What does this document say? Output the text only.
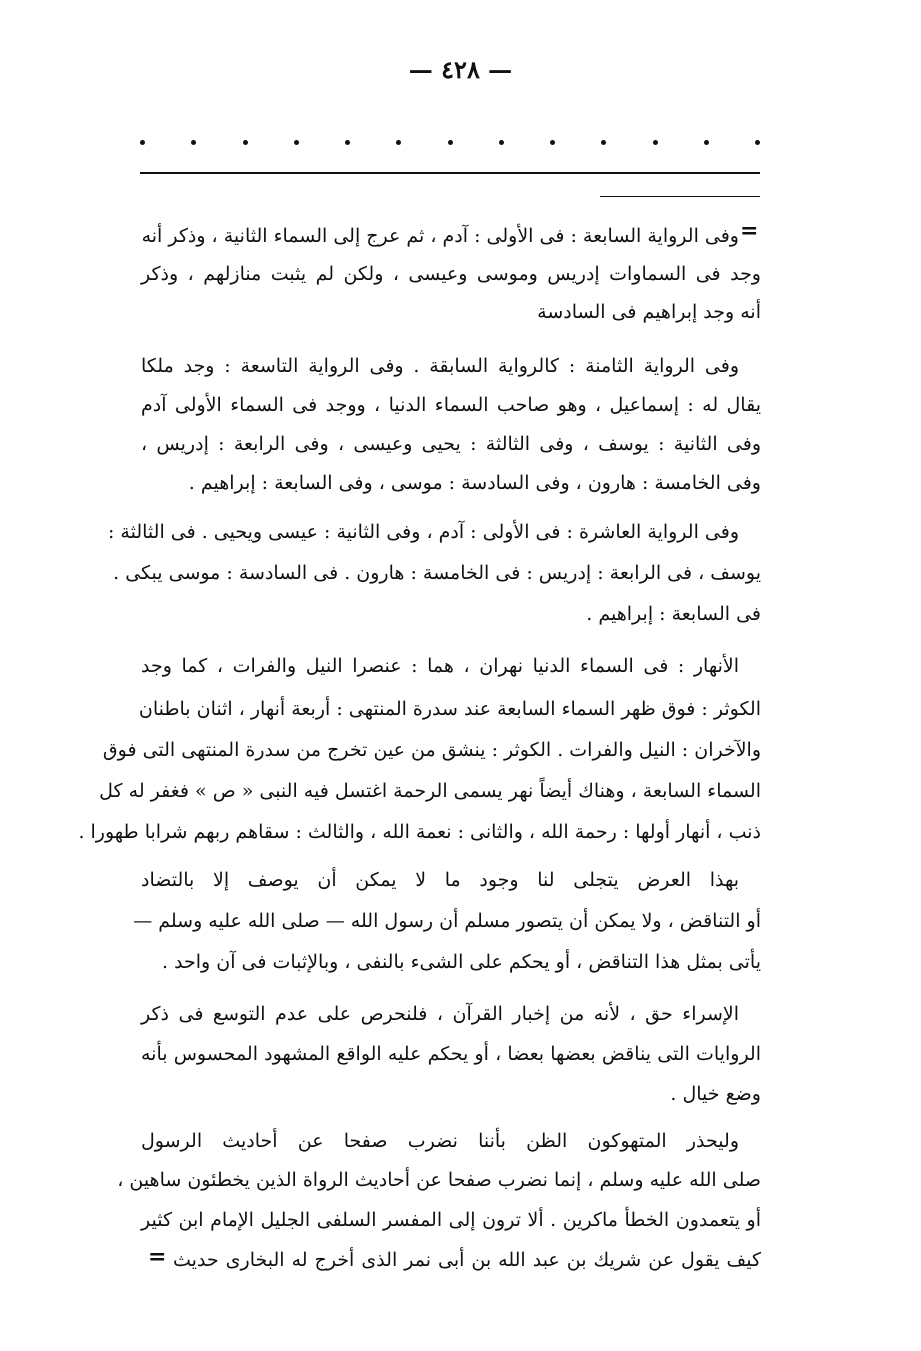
— ٤٢٨ —
=
وفى الرواية السابعة : فى الأولى : آدم ، ثم عرج إلى السماء الثانية ، وذكر أنه
وجد فى السماوات إدريس وموسى وعيسى ، ولكن لم يثبت منازلهم ، وذكر
أنه وجد إبراهيم فى السادسة
وفى الرواية الثامنة : كالرواية السابقة . وفى الرواية التاسعة : وجد ملكا
يقال له : إسماعيل ، وهو صاحب السماء الدنيا ، ووجد فى السماء الأولى آدم
وفى الثانية : يوسف ، وفى الثالثة : يحيى وعيسى ، وفى الرابعة : إدريس ،
وفى الخامسة : هارون ، وفى السادسة : موسى ، وفى السابعة : إبراهيم .
وفى الرواية العاشرة : فى الأولى : آدم ، وفى الثانية : عيسى ويحيى . فى الثالثة :
يوسف ، فى الرابعة : إدريس : فى الخامسة : هارون . فى السادسة : موسى يبكى .
فى السابعة : إبراهيم .
الأنهار : فى السماء الدنيا نهران ، هما : عنصرا النيل والفرات ، كما وجد
الكوثر : فوق ظهر السماء السابعة عند سدرة المنتهى : أربعة أنهار ، اثنان باطنان
والآخران : النيل والفرات . الكوثر : ينشق من عين تخرج من سدرة المنتهى التى فوق
السماء السابعة ، وهناك أيضاً نهر يسمى الرحمة اغتسل فيه النبى « ص » فغفر له كل
ذنب ، أنهار أولها : رحمة الله ، والثانى : نعمة الله ، والثالث : سقاهم ربهم شرابا طهورا .
بهذا العرض يتجلى لنا وجود ما لا يمكن أن يوصف إلا بالتضاد
أو التناقض ، ولا يمكن أن يتصور مسلم أن رسول الله — صلى الله عليه وسلم —
يأتى بمثل هذا التناقض ، أو يحكم على الشىء بالنفى ، وبالإثبات فى آن واحد .
الإسراء حق ، لأنه من إخبار القرآن ، فلنحرص على عدم التوسع فى ذكر
الروايات التى يناقض بعضها بعضا ، أو يحكم عليه الواقع المشهود المحسوس بأنه
وضع خيال .
وليحذر المتهوكون الظن بأننا نضرب صفحا عن أحاديث الرسول
صلى الله عليه وسلم ، إنما نضرب صفحا عن أحاديث الرواة الذين يخطئون ساهين ،
أو يتعمدون الخطأ ماكرين . ألا ترون إلى المفسر السلفى الجليل الإمام ابن كثير
كيف يقول عن شريك بن عبد الله بن أبى نمر الذى أخرج له البخارى حديث
=
